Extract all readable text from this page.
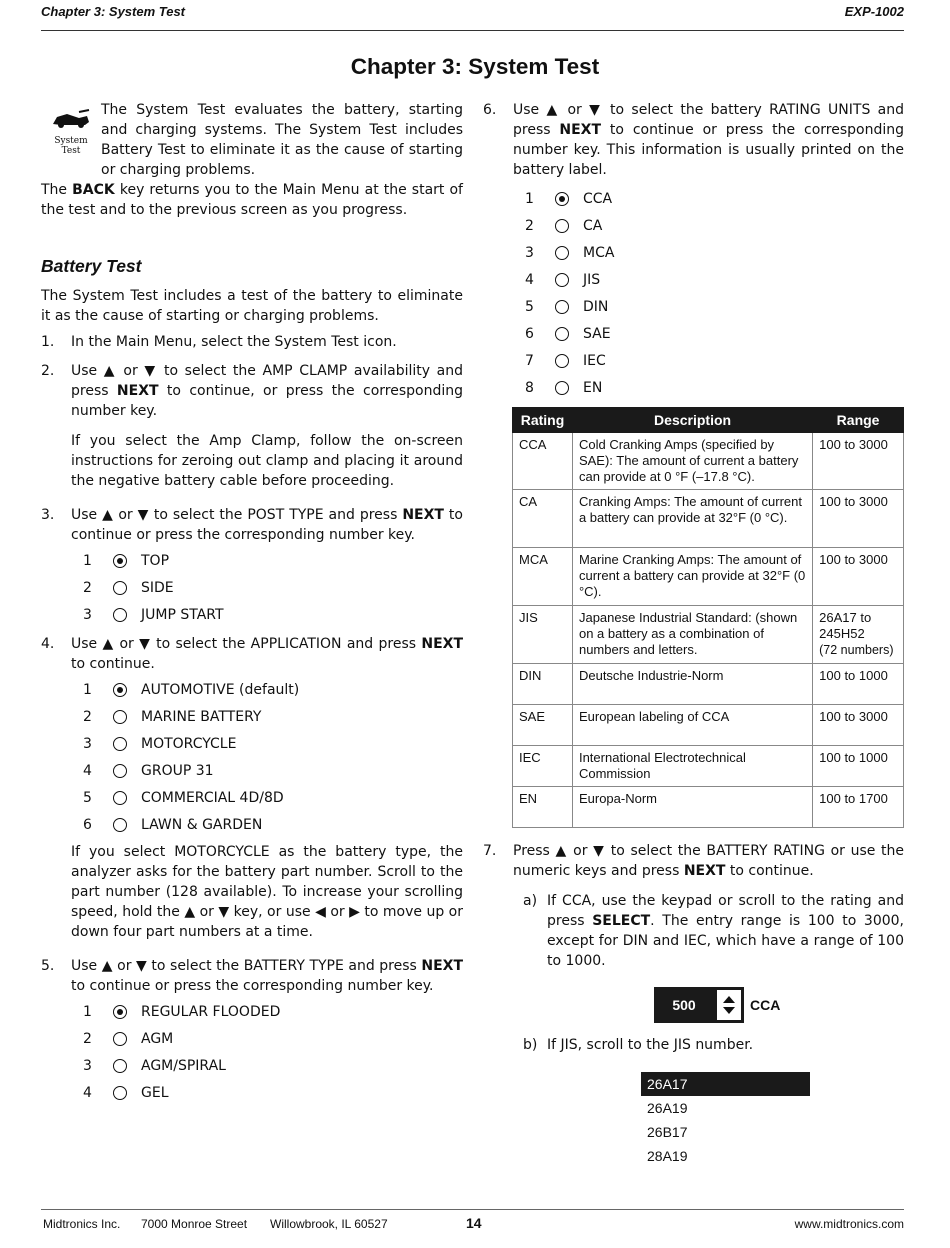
Chapter 3: System Test	EXP-1002
Chapter 3: System Test
System Test

The System Test evaluates the battery, starting and charging systems. The System Test includes Battery Test to eliminate it as the cause of starting or charging problems.

The BACK key returns you to the Main Menu at the start of the test and to the previous screen as you progress.

Battery Test

The System Test includes a test of the battery to eliminate it as the cause of starting or charging problems.

1. In the Main Menu, select the System Test icon.
2. Use ▲ or ▼ to select the AMP CLAMP availability and press NEXT to continue, or press the corresponding number key.

If you select the Amp Clamp, follow the on-screen instructions for zeroing out clamp and placing it around the negative battery cable before proceeding.

3. Use ▲ or ▼ to select the POST TYPE and press NEXT to continue or press the corresponding number key.

1	TOP
2	SIDE
3	JUMP START
4. Use ▲ or ▼ to select the APPLICATION and press NEXT to continue.

1	AUTOMOTIVE (default)
2	MARINE BATTERY
3	MOTORCYCLE
4	GROUP 31
5	COMMERCIAL 4D/8D
6	LAWN & GARDEN

If you select MOTORCYCLE as the battery type, the analyzer asks for the battery part number. Scroll to the part number (128 available). To increase your scrolling speed, hold the ▲ or ▼ key, or use ◀ or ▶ to move up or down four part numbers at a time.

5. Use ▲ or ▼ to select the BATTERY TYPE and press NEXT to continue or press the corresponding number key.

1	REGULAR FLOODED
2	AGM
3	AGM/SPIRAL
4	GEL
6. Use ▲ or ▼ to select the battery RATING UNITS and press NEXT to continue or press the corresponding number key. This information is usually printed on the battery label.

1	CCA
2	CA
3	MCA
4	JIS
5	DIN
6	SAE
7	IEC
8	EN
Rating	Description	Range
CCA	Cold Cranking Amps (specified by SAE): The amount of current a battery can provide at 0 °F (–17.8 °C).	100 to 3000
CA	Cranking Amps: The amount of current a battery can provide at 32°F (0 °C).	100 to 3000
MCA	Marine Cranking Amps: The amount of current a battery can provide at 32°F (0 °C).	100 to 3000
JIS	Japanese Industrial Standard: (shown on a battery as a combination of numbers and letters.	26A17 to 245H52
(72 numbers)
DIN	Deutsche Industrie-Norm	100 to 1000
SAE	European labeling of CCA	100 to 3000
IEC	International Electrotechnical Commission	100 to 1000
EN	Europa-Norm	100 to 1700
7. Press ▲ or ▼ to select the BATTERY RATING or use the numeric keys and press NEXT to continue.

a) If CCA, use the keypad or scroll to the rating and press SELECT. The entry range is 100 to 3000, except for DIN and IEC, which have a range of 100 to 1000.

500	CCA
b) If JIS, scroll to the JIS number.

26A17
26A19
26B17
28A19
Midtronics Inc. 7000 Monroe Street Willowbrook, IL 60527	14	www.midtronics.com
